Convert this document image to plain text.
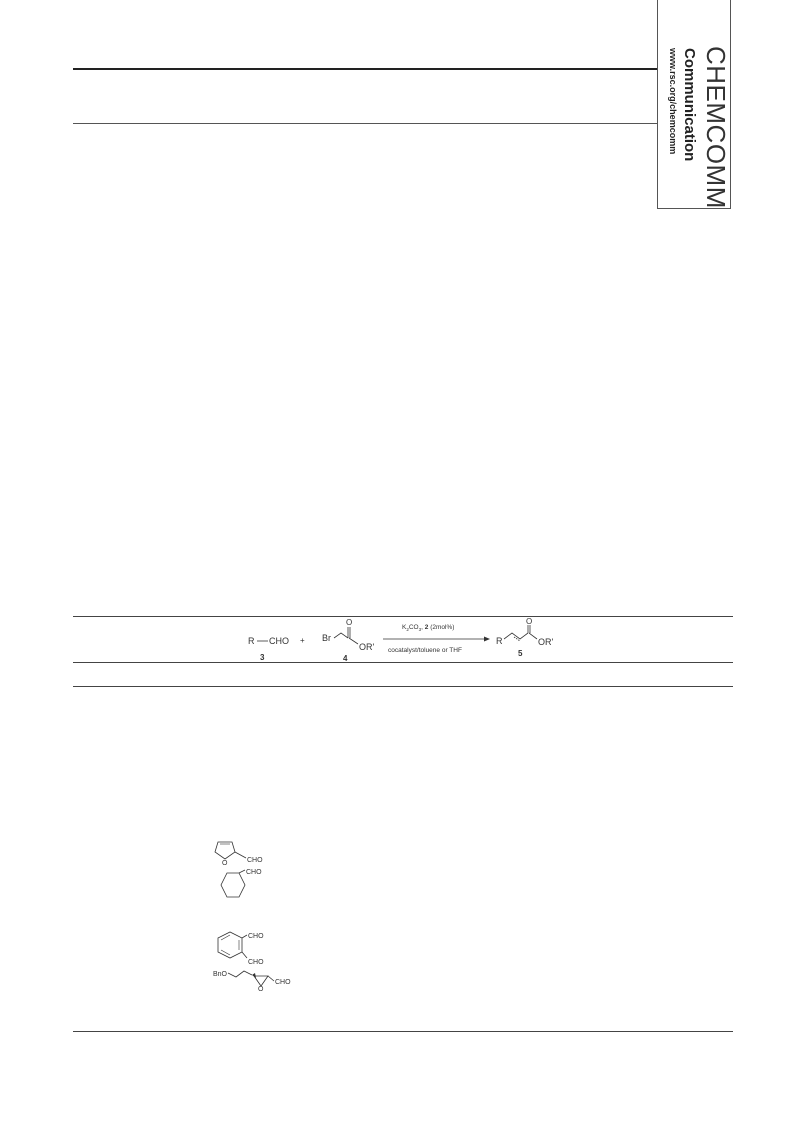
CHEMCOMM
Communication
www.rsc.org/chemcomm
R CHO
3
+ Br
O
OR'
4
$K_2CO_3$, 2 (2mol%)
cocatalyst/toluene or THF
R
O
OR'
5
O	CHO
CHO
CHO
CHO
BnO
O
CHO
